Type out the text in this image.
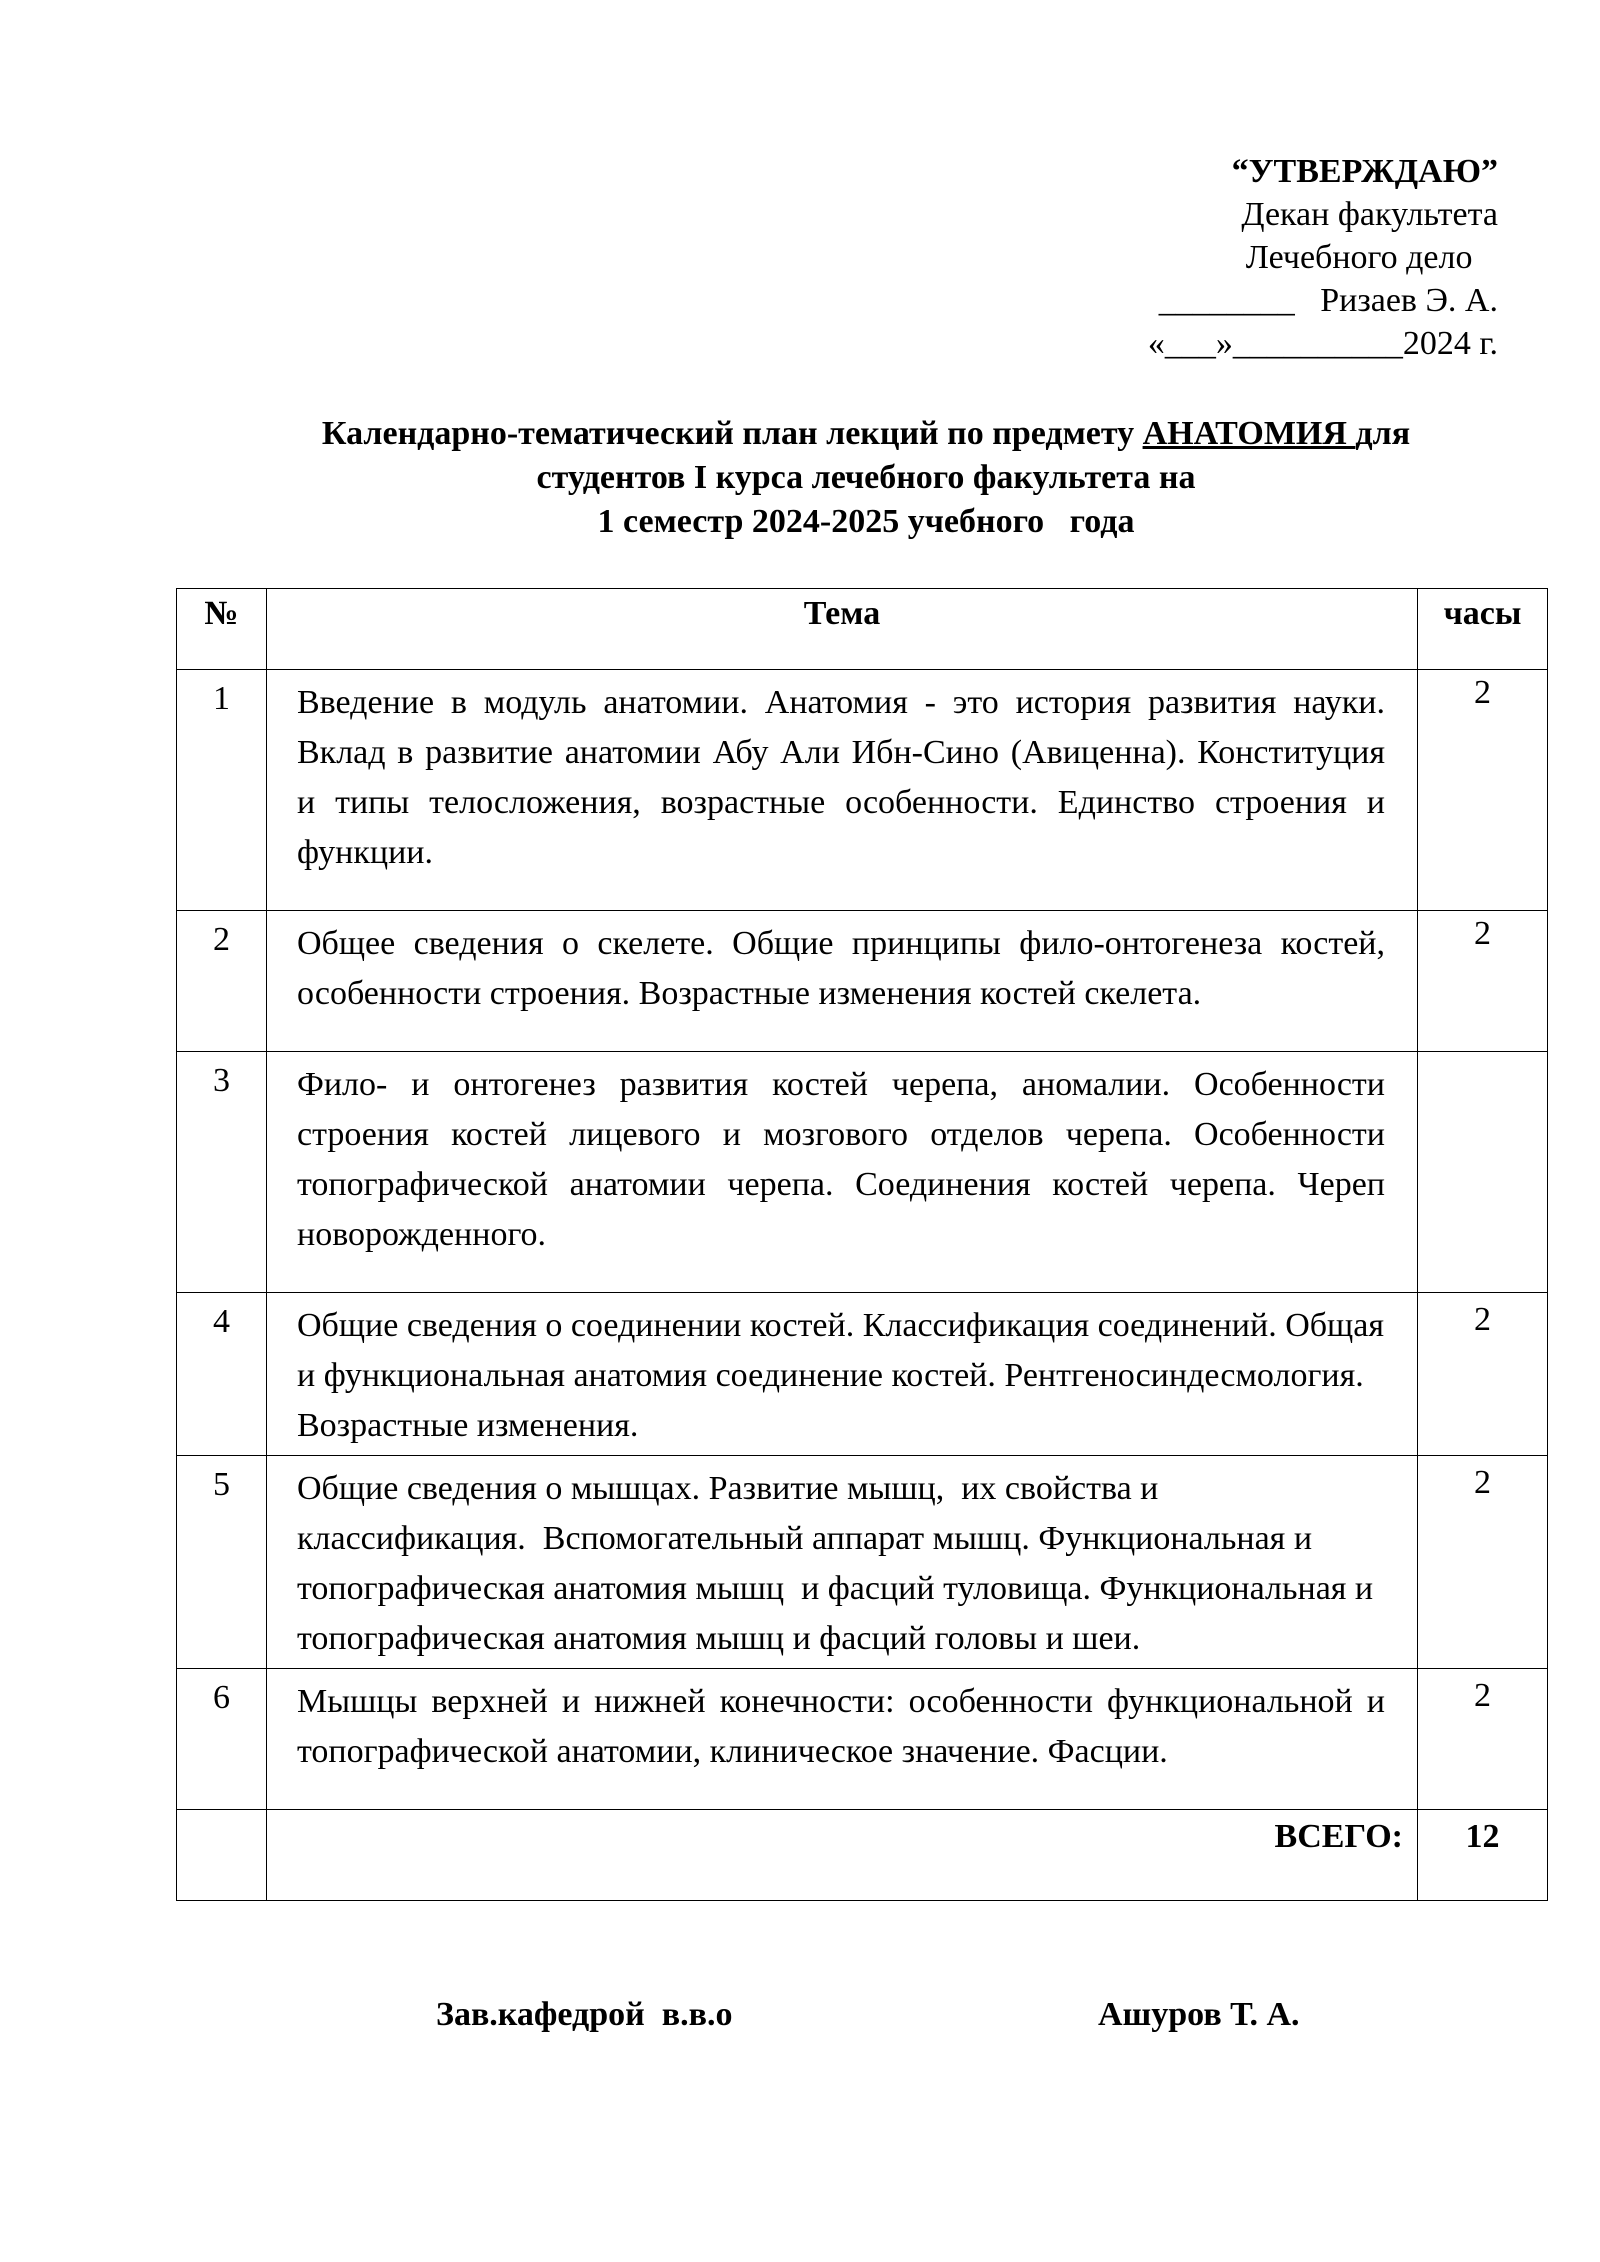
“УТВЕРЖДАЮ”
Декан факультета
Лечебного дело
________   Ризаев Э. А.
«___»__________2024 г.
Календарно-тематический план лекций по предмету АНАТОМИЯ для
студентов I курса лечебного факультета на
1 семестр 2024-2025 учебного   года
№	Тема	часы
1	Введение в модуль анатомии. Анатомия - это история развития науки. Вклад в развитие анатомии Абу Али Ибн-Сино (Авиценна). Конституция и типы телосложения, возрастные особенности. Единство строения и функции.	2
2	Общее сведения о скелете. Общие принципы фило-онтогенеза костей, особенности строения. Возрастные изменения костей скелета.	2
3	Фило- и онтогенез развития костей черепа, аномалии. Особенности строения костей лицевого и мозгового отделов черепа. Особенности топографической анатомии черепа. Соединения костей черепа. Череп новорожденного.	
4	Общие сведения о соединении костей. Классификация соединений. Общая и функциональная анатомия соединение костей. Рентгеносиндесмология. Возрастные изменения.	2
5	Общие сведения о мышцах. Развитие мышц,  их свойства и классификация.  Вспомогательный аппарат мышц. Функциональная и    топографическая анатомия мышц  и фасций туловища. Функциональная и топографическая анатомия мышц и фасций головы и шеи.	2
6	Мышцы верхней и нижней конечности: особенности функциональной и топографической анатомии, клиническое значение. Фасции.	2
	ВСЕГО:	12
Зав.кафедрой  в.в.о	Ашуров Т. А.
